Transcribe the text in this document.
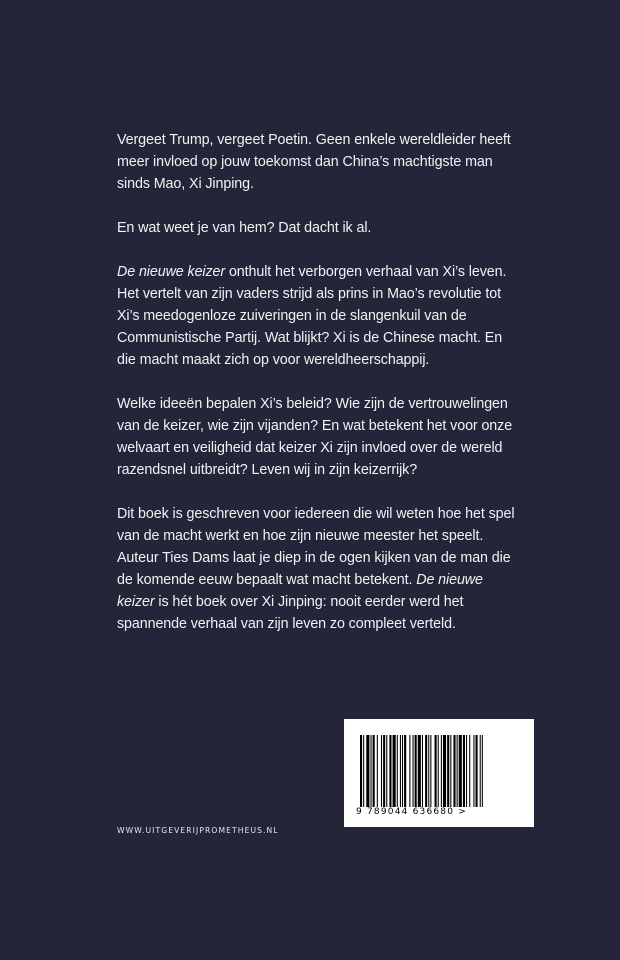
Vergeet Trump, vergeet Poetin. Geen enkele wereldleider heeft meer invloed op jouw toekomst dan China’s machtigste man sinds Mao, Xi Jinping.

En wat weet je van hem? Dat dacht ik al.

De nieuwe keizer onthult het verborgen verhaal van Xi’s leven. Het vertelt van zijn vaders strijd als prins in Mao’s revolutie tot Xi’s meedogenloze zuiveringen in de slangenkuil van de Communistische Partij. Wat blijkt? Xi is de Chinese macht. En die macht maakt zich op voor wereldheerschappij.

Welke ideeën bepalen Xi’s beleid? Wie zijn de vertrouwelingen van de keizer, wie zijn vijanden? En wat betekent het voor onze welvaart en veiligheid dat keizer Xi zijn invloed over de wereld razendsnel uitbreidt? Leven wij in zijn keizerrijk?

Dit boek is geschreven voor iedereen die wil weten hoe het spel van de macht werkt en hoe zijn nieuwe meester het speelt. Auteur Ties Dams laat je diep in de ogen kijken van de man die de komende eeuw bepaalt wat macht betekent. De nieuwe keizer is hét boek over Xi Jinping: nooit eerder werd het spannende verhaal van zijn leven zo compleet verteld.

9 789044 636680 >
WWW.UITGEVERIJPROMETHEUS.NL
